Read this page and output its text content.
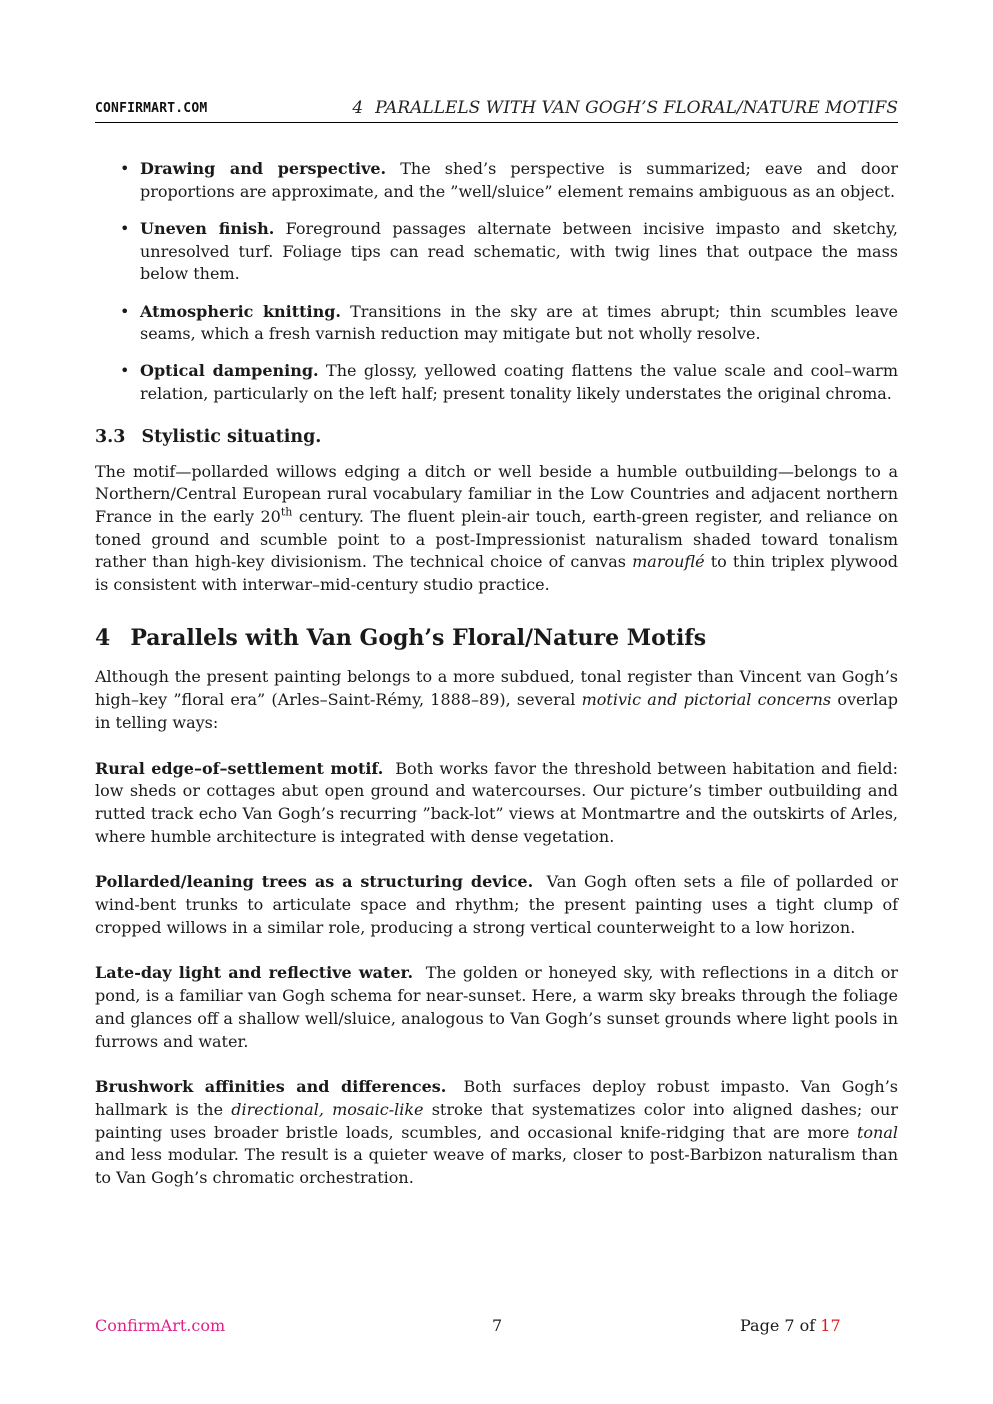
CONFIRMART.COM	4 PARALLELS WITH VAN GOGH’S FLORAL/NATURE MOTIFS
• Drawing and perspective. The shed’s perspective is summarized; eave and door proportions are approximate, and the ”well/sluice” element remains ambiguous as an object.
• Uneven finish. Foreground passages alternate between incisive impasto and sketchy, unresolved turf. Foliage tips can read schematic, with twig lines that outpace the mass below them.
• Atmospheric knitting. Transitions in the sky are at times abrupt; thin scumbles leave seams, which a fresh varnish reduction may mitigate but not wholly resolve.
• Optical dampening. The glossy, yellowed coating flattens the value scale and cool–warm relation, particularly on the left half; present tonality likely understates the original chroma.
3.3 Stylistic situating.

The motif—pollarded willows edging a ditch or well beside a humble outbuilding—belongs to a Northern/Central European rural vocabulary familiar in the Low Countries and adjacent northern France in the early 20th century. The fluent plein-air touch, earth-green register, and reliance on toned ground and scumble point to a post-Impressionist naturalism shaded toward tonalism rather than high-key divisionism. The technical choice of canvas marouflé to thin triplex plywood is consistent with interwar–mid-century studio practice.

4 Parallels with Van Gogh’s Floral/Nature Motifs

Although the present painting belongs to a more subdued, tonal register than Vincent van Gogh’s high–key ”floral era” (Arles–Saint-Rémy, 1888–89), several motivic and pictorial concerns overlap in telling ways:

Rural edge–of–settlement motif. Both works favor the threshold between habitation and field: low sheds or cottages abut open ground and watercourses. Our picture’s timber outbuilding and rutted track echo Van Gogh’s recurring ”back-lot” views at Montmartre and the outskirts of Arles, where humble architecture is integrated with dense vegetation.

Pollarded/leaning trees as a structuring device. Van Gogh often sets a file of pollarded or wind-bent trunks to articulate space and rhythm; the present painting uses a tight clump of cropped willows in a similar role, producing a strong vertical counterweight to a low horizon.

Late-day light and reflective water. The golden or honeyed sky, with reflections in a ditch or pond, is a familiar van Gogh schema for near-sunset. Here, a warm sky breaks through the foliage and glances off a shallow well/sluice, analogous to Van Gogh’s sunset grounds where light pools in furrows and water.

Brushwork affinities and differences. Both surfaces deploy robust impasto. Van Gogh’s hallmark is the directional, mosaic-like stroke that systematizes color into aligned dashes; our painting uses broader bristle loads, scumbles, and occasional knife-ridging that are more tonal and less modular. The result is a quieter weave of marks, closer to post-Barbizon naturalism than to Van Gogh’s chromatic orchestration.

ConfirmArt.com	7	Page 7 of 17
